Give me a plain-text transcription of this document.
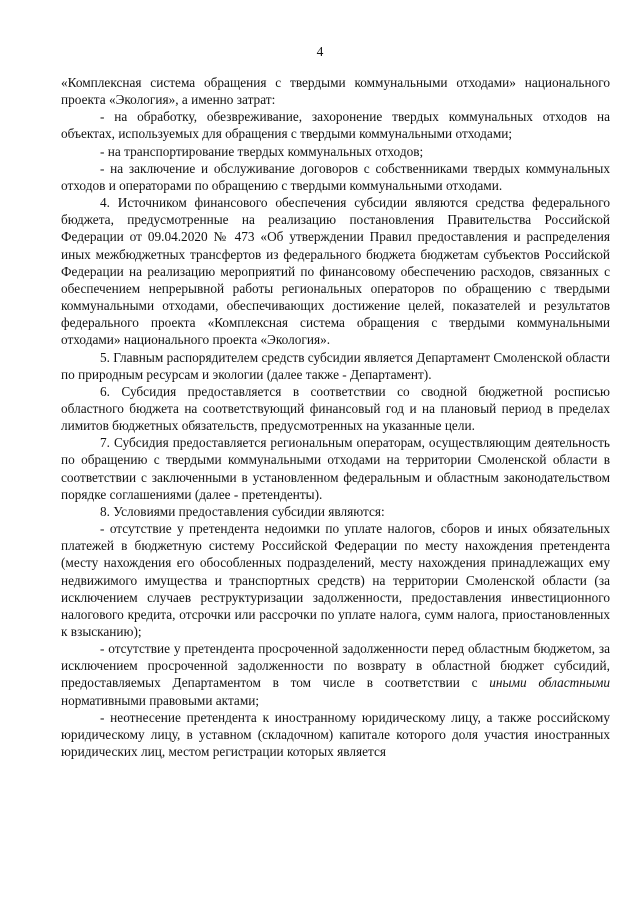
4

«Комплексная система обращения с твердыми коммунальными отходами» национального проекта «Экология», а именно затрат:

- на обработку, обезвреживание, захоронение твердых коммунальных отходов на объектах, используемых для обращения с твердыми коммунальными отходами;

- на транспортирование твердых коммунальных отходов;

- на заключение и обслуживание договоров с собственниками твердых коммунальных отходов и операторами по обращению с твердыми коммунальными отходами.

4. Источником финансового обеспечения субсидии являются средства федерального бюджета, предусмотренные на реализацию постановления Правительства Российской Федерации от 09.04.2020 № 473 «Об утверждении Правил предоставления и распределения иных межбюджетных трансфертов из федерального бюджета бюджетам субъектов Российской Федерации на реализацию мероприятий по финансовому обеспечению расходов, связанных с обеспечением непрерывной работы региональных операторов по обращению с твердыми коммунальными отходами, обеспечивающих достижение целей, показателей и результатов федерального проекта «Комплексная система обращения с твердыми коммунальными отходами» национального проекта «Экология».

5. Главным распорядителем средств субсидии является Департамент Смоленской области по природным ресурсам и экологии (далее также - Департамент).

6. Субсидия предоставляется в соответствии со сводной бюджетной росписью областного бюджета на соответствующий финансовый год и на плановый период в пределах лимитов бюджетных обязательств, предусмотренных на указанные цели.

7. Субсидия предоставляется региональным операторам, осуществляющим деятельность по обращению с твердыми коммунальными отходами на территории Смоленской области в соответствии с заключенными в установленном федеральным и областным законодательством порядке соглашениями (далее - претенденты).

8. Условиями предоставления субсидии являются:

- отсутствие у претендента недоимки по уплате налогов, сборов и иных обязательных платежей в бюджетную систему Российской Федерации по месту нахождения претендента (месту нахождения его обособленных подразделений, месту нахождения принадлежащих ему недвижимого имущества и транспортных средств) на территории Смоленской области (за исключением случаев реструктуризации задолженности, предоставления инвестиционного налогового кредита, отсрочки или рассрочки по уплате налога, сумм налога, приостановленных к взысканию);

- отсутствие у претендента просроченной задолженности перед областным бюджетом, за исключением просроченной задолженности по возврату в областной бюджет субсидий, предоставляемых Департаментом в том числе в соответствии с иными областными нормативными правовыми актами;

- неотнесение претендента к иностранному юридическому лицу, а также российскому юридическому лицу, в уставном (складочном) капитале которого доля участия иностранных юридических лиц, местом регистрации которых является
